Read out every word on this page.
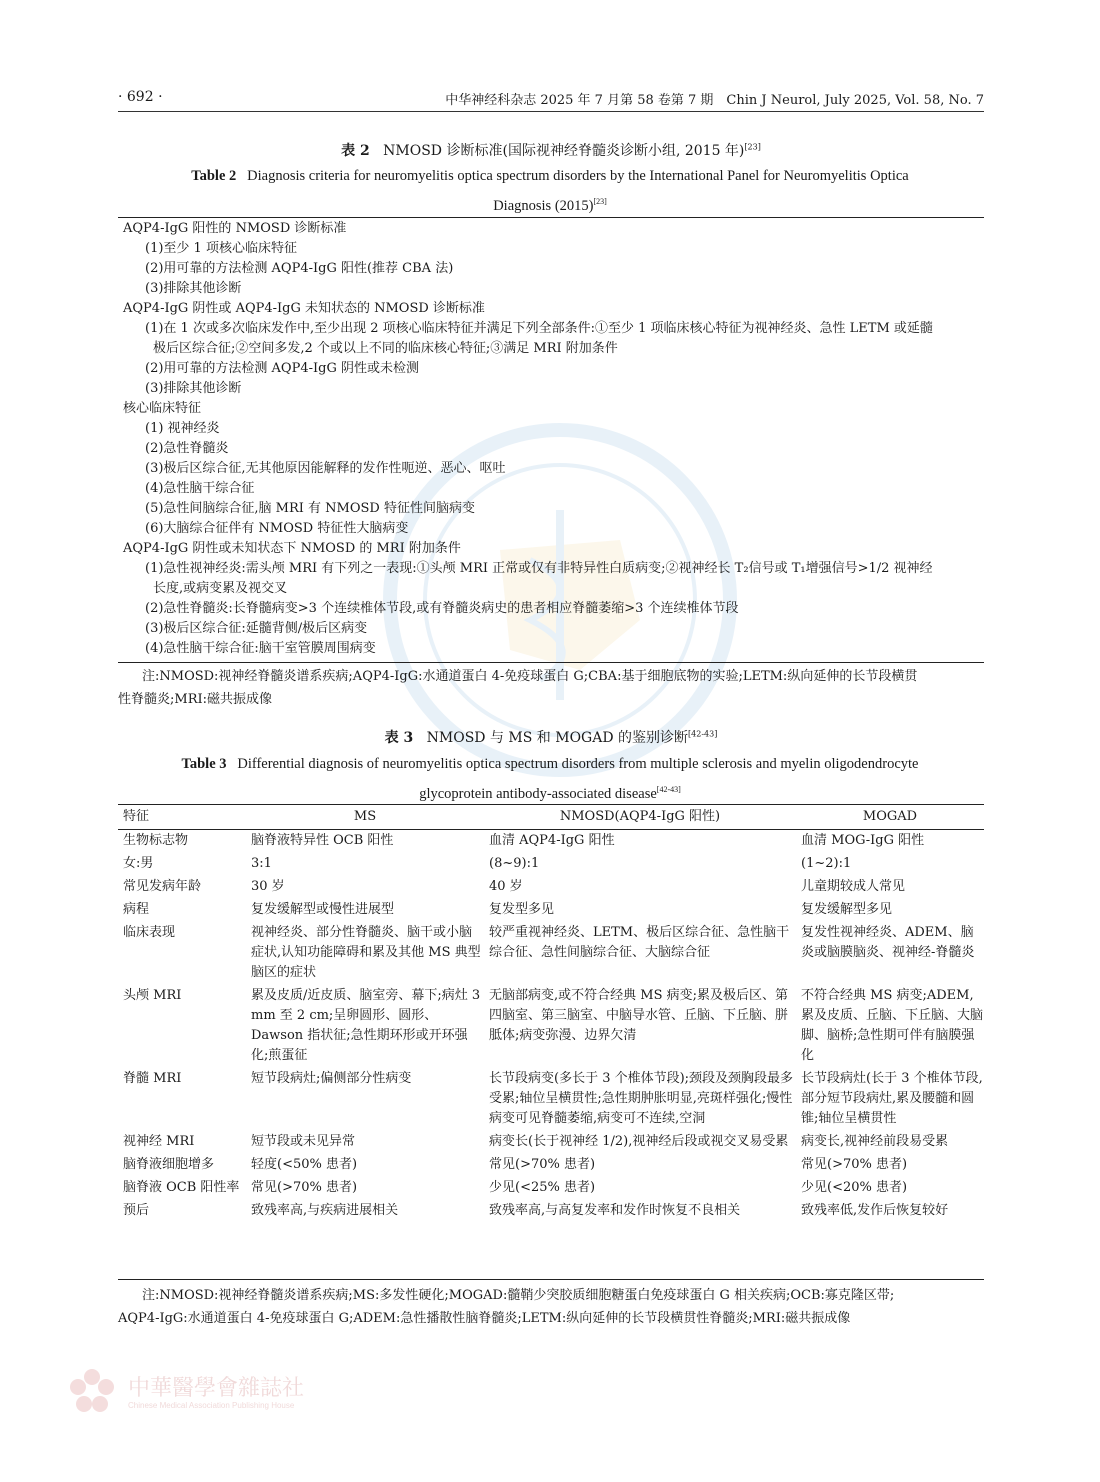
· 692 ·	中华神经科杂志 2025 年 7 月第 58 卷第 7 期　Chin J Neurol, July 2025, Vol. 58, No. 7
表 2 NMOSD 诊断标准(国际视神经脊髓炎诊断小组, 2015 年)[23]
Table 2 Diagnosis criteria for neuromyelitis optica spectrum disorders by the International Panel for Neuromyelitis Optica
Diagnosis (2015)[23]
AQP4-IgG 阳性的 NMOSD 诊断标准
(1)至少 1 项核心临床特征
(2)用可靠的方法检测 AQP4-IgG 阳性(推荐 CBA 法)
(3)排除其他诊断
AQP4-IgG 阴性或 AQP4-IgG 未知状态的 NMOSD 诊断标准
(1)在 1 次或多次临床发作中,至少出现 2 项核心临床特征并满足下列全部条件:①至少 1 项临床核心特征为视神经炎、急性 LETM 或延髓
极后区综合征;②空间多发,2 个或以上不同的临床核心特征;③满足 MRI 附加条件
(2)用可靠的方法检测 AQP4-IgG 阴性或未检测
(3)排除其他诊断
核心临床特征
(1) 视神经炎
(2)急性脊髓炎
(3)极后区综合征,无其他原因能解释的发作性呃逆、恶心、呕吐
(4)急性脑干综合征
(5)急性间脑综合征,脑 MRI 有 NMOSD 特征性间脑病变
(6)大脑综合征伴有 NMOSD 特征性大脑病变
AQP4-IgG 阴性或未知状态下 NMOSD 的 MRI 附加条件
(1)急性视神经炎:需头颅 MRI 有下列之一表现:①头颅 MRI 正常或仅有非特异性白质病变;②视神经长 T₂信号或 T₁增强信号>1/2 视神经
长度,或病变累及视交叉
(2)急性脊髓炎:长脊髓病变>3 个连续椎体节段,或有脊髓炎病史的患者相应脊髓萎缩>3 个连续椎体节段
(3)极后区综合征:延髓背侧/极后区病变
(4)急性脑干综合征:脑干室管膜周围病变
注:NMOSD:视神经脊髓炎谱系疾病;AQP4-IgG:水通道蛋白 4-免疫球蛋白 G;CBA:基于细胞底物的实验;LETM:纵向延伸的长节段横贯
性脊髓炎;MRI:磁共振成像
表 3 NMOSD 与 MS 和 MOGAD 的鉴别诊断[42-43]
Table 3 Differential diagnosis of neuromyelitis optica spectrum disorders from multiple sclerosis and myelin oligodendrocyte
glycoprotein antibody-associated disease[42-43]
特征	MS	NMOSD(AQP4-IgG 阳性)	MOGAD
生物标志物	脑脊液特异性 OCB 阳性	血清 AQP4-IgG 阳性	血清 MOG-IgG 阳性
女:男	3:1	(8~9):1	(1~2):1
常见发病年龄	30 岁	40 岁	儿童期较成人常见
病程	复发缓解型或慢性进展型	复发型多见	复发缓解型多见
临床表现	视神经炎、部分性脊髓炎、脑干或小脑症状,认知功能障碍和累及其他 MS 典型脑区的症状	较严重视神经炎、LETM、极后区综合征、急性脑干综合征、急性间脑综合征、大脑综合征	复发性视神经炎、ADEM、脑炎或脑膜脑炎、视神经-脊髓炎
头颅 MRI	累及皮质/近皮质、脑室旁、幕下;病灶 3 mm 至 2 cm;呈卵圆形、圆形、Dawson 指状征;急性期环形或开环强化;煎蛋征	无脑部病变,或不符合经典 MS 病变;累及极后区、第四脑室、第三脑室、中脑导水管、丘脑、下丘脑、胼胝体;病变弥漫、边界欠清	不符合经典 MS 病变;ADEM,累及皮质、丘脑、下丘脑、大脑脚、脑桥;急性期可伴有脑膜强化
脊髓 MRI	短节段病灶;偏侧部分性病变	长节段病变(多长于 3 个椎体节段);颈段及颈胸段最多受累;轴位呈横贯性;急性期肿胀明显,亮斑样强化;慢性病变可见脊髓萎缩,病变可不连续,空洞	长节段病灶(长于 3 个椎体节段,部分短节段病灶,累及腰髓和圆锥;轴位呈横贯性
视神经 MRI	短节段或未见异常	病变长(长于视神经 1/2),视神经后段或视交叉易受累	病变长,视神经前段易受累
脑脊液细胞增多	轻度(<50% 患者)	常见(>70% 患者)	常见(>70% 患者)
脑脊液 OCB 阳性率	常见(>70% 患者)	少见(<25% 患者)	少见(<20% 患者)
预后	致残率高,与疾病进展相关	致残率高,与高复发率和发作时恢复不良相关	致残率低,发作后恢复较好
注:NMOSD:视神经脊髓炎谱系疾病;MS:多发性硬化;MOGAD:髓鞘少突胶质细胞糖蛋白免疫球蛋白 G 相关疾病;OCB:寡克隆区带;
AQP4-IgG:水通道蛋白 4-免疫球蛋白 G;ADEM:急性播散性脑脊髓炎;LETM:纵向延伸的长节段横贯性脊髓炎;MRI:磁共振成像
中華醫學會雜誌社
Chinese Medical Association Publishing House
